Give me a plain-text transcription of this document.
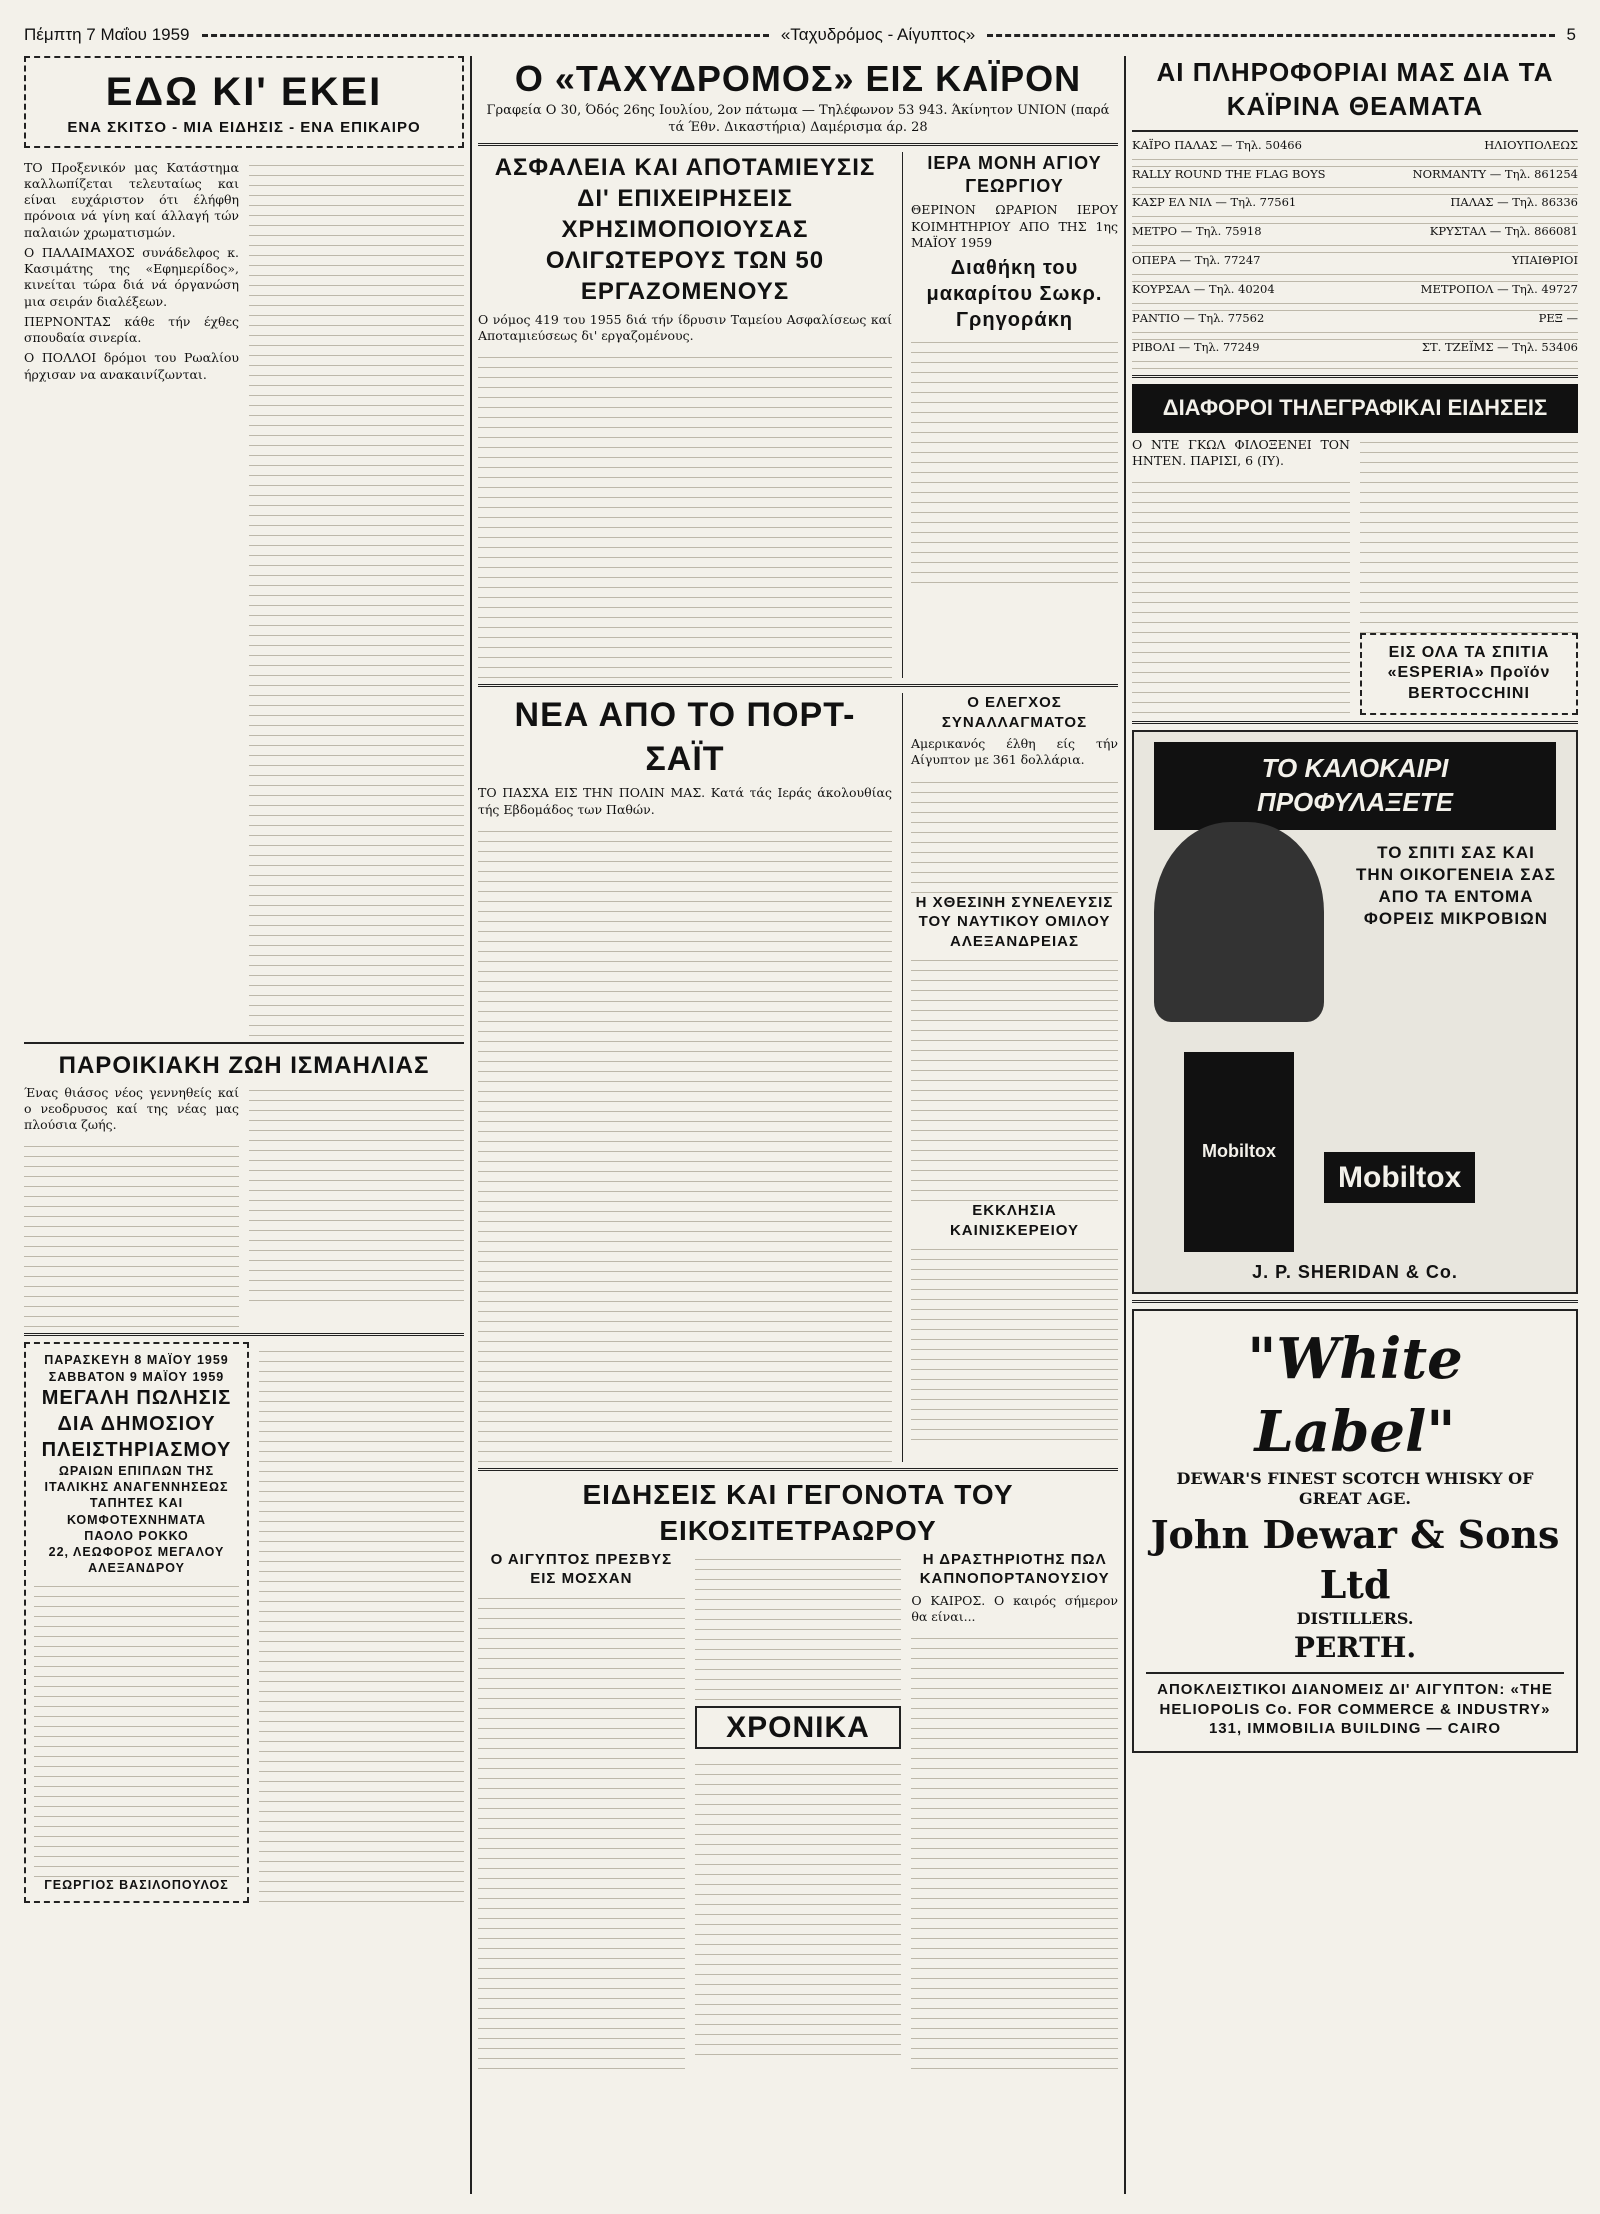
Πέμπτη 7 Μαΐου 1959	«Ταχυδρόμος - Αίγυπτος»	5
ΕΔΩ ΚΙ' ΕΚΕΙ
ΕΝΑ ΣΚΙΤΣΟ - ΜΙΑ ΕΙΔΗΣΙΣ - ΕΝΑ ΕΠΙΚΑΙΡΟ

ΤΟ Προξενικόν μας Κατάστημα καλλωπίζεται τελευταίως και είναι ευχάριστον ότι έλήφθη πρόνοια νά γίνη καί άλλαγή τών παλαιών χρωματισμών.

Ο ΠΑΛΑΙΜΑΧΟΣ συνάδελφος κ. Κασιμάτης της «Εφημερίδος», κινείται τώρα διά νά όργανώση μια σειράν διαλέξεων.

ΠΕΡΝΟΝΤΑΣ κάθε τήν έχθες σπουδαία σινερία.

Ο ΠΟΛΛΟΙ δρόμοι του Ρωαλίου ήρχισαν να ανακαινίζωνται.

ΠΑΡΟΙΚΙΑΚΗ ΖΩΗ ΙΣΜΑΗΛΙΑΣ

Ένας θιάσος νέος γεννηθείς καί ο νεοδρυσος καί της νέας μας πλούσια ζωής.

ΠΑΡΑΣΚΕΥΗ 8 ΜΑΪΟΥ 1959
ΣΑΒΒΑΤΟΝ 9 ΜΑΪΟΥ 1959
ΜΕΓΑΛΗ ΠΩΛΗΣΙΣ ΔΙΑ ΔΗΜΟΣΙΟΥ ΠΛΕΙΣΤΗΡΙΑΣΜΟΥ
ΩΡΑΙΩΝ ΕΠΙΠΛΩΝ ΤΗΣ ΙΤΑΛΙΚΗΣ ΑΝΑΓΕΝΝΗΣΕΩΣ
ΤΑΠΗΤΕΣ ΚΑΙ ΚΟΜΦΟΤΕΧΝΗΜΑΤΑ
ΠΑΟΛΟ ΡΟΚΚΟ
22, ΛΕΩΦΟΡΟΣ ΜΕΓΑΛΟΥ ΑΛΕΞΑΝΔΡΟΥ
ΓΕΩΡΓΙΟΣ ΒΑΣΙΛΟΠΟΥΛΟΣ
Ο «ΤΑΧΥΔΡΟΜΟΣ» ΕΙΣ ΚΑΪΡΟΝ
Γραφεία Ο 30, Όδός 26ης Ιουλίου, 2ον πάτωμα — Τηλέφωνον 53 943. Άκίνητον UNION (παρά τά Έθν. Δικαστήρια) Δαμέρισμα άρ. 28
ΑΣΦΑΛΕΙΑ ΚΑΙ ΑΠΟΤΑΜΙΕΥΣΙΣ ΔΙ' ΕΠΙΧΕΙΡΗΣΕΙΣ ΧΡΗΣΙΜΟΠΟΙΟΥΣΑΣ ΟΛΙΓΩΤΕΡΟΥΣ ΤΩΝ 50 ΕΡΓΑΖΟΜΕΝΟΥΣ

Ο νόμος 419 του 1955 διά τήν ίδρυσιν Ταμείου Ασφαλίσεως καί Αποταμιεύσεως δι' εργαζομένους.

ΙΕΡΑ ΜΟΝΗ ΑΓΙΟΥ ΓΕΩΡΓΙΟΥ

ΘΕΡΙΝΟΝ ΩΡΑΡΙΟΝ ΙΕΡΟΥ ΚΟΙΜΗΤΗΡΙΟΥ ΑΠΟ ΤΗΣ 1ης ΜΑΪΟΥ 1959

Διαθήκη του μακαρίτου Σωκρ. Γρηγοράκη
ΝΕΑ ΑΠΟ ΤΟ ΠΟΡΤ-ΣΑΪΤ

ΤΟ ΠΑΣΧΑ ΕΙΣ ΤΗΝ ΠΟΛΙΝ ΜΑΣ. Κατά τάς Ιεράς άκολουθίας τής Εβδομάδος των Παθών.

Ο ΕΛΕΓΧΟΣ ΣΥΝΑΛΛΑΓΜΑΤΟΣ

Αμερικανός έλθη είς τήν Αίγυπτον με 361 δολλάρια.

Η ΧΘΕΣΙΝΗ ΣΥΝΕΛΕΥΣΙΣ ΤΟΥ ΝΑΥΤΙΚΟΥ ΟΜΙΛΟΥ ΑΛΕΞΑΝΔΡΕΙΑΣ
ΕΚΚΛΗΣΙΑ ΚΑΙΝΙΣΚΕΡΕΙΟΥ
ΕΙΔΗΣΕΙΣ ΚΑΙ ΓΕΓΟΝΟΤΑ ΤΟΥ ΕΙΚΟΣΙΤΕΤΡΑΩΡΟΥ
Ο ΑΙΓΥΠΤΟΣ ΠΡΕΣΒΥΣ ΕΙΣ ΜΟΣΧΑΝ
ΧΡΟΝΙΚΑ
Η ΔΡΑΣΤΗΡΙΟΤΗΣ ΠΩΛ ΚΑΠΝΟΠΟΡΤΑΝΟΥΣΙΟΥ

Ο ΚΑΙΡΟΣ. Ο καιρός σήμερον θα είναι...

ΑΙ ΠΛΗΡΟΦΟΡΙΑΙ ΜΑΣ ΔΙΑ ΤΑ ΚΑΪΡΙΝΑ ΘΕΑΜΑΤΑ
ΚΑΪΡΟ ΠΑΛΑΣ — Τηλ. 50466	ΗΛΙΟΥΠΟΛΕΩΣ
RALLY ROUND THE FLAG BOYS	NORMANTY — Τηλ. 861254
ΚΑΣΡ ΕΛ ΝΙΛ — Τηλ. 77561	ΠΑΛΑΣ — Τηλ. 86336
ΜΕΤΡΟ — Τηλ. 75918	ΚΡΥΣΤΑΛ — Τηλ. 866081
ΟΠΕΡΑ — Τηλ. 77247	ΥΠΑΙΘΡΙΟΙ
ΚΟΥΡΣΑΛ — Τηλ. 40204	ΜΕΤΡΟΠΟΛ — Τηλ. 49727
ΡΑΝΤΙΟ — Τηλ. 77562	ΡΕΞ —
ΡΙΒΟΛΙ — Τηλ. 77249	ΣΤ. ΤΖΕΪΜΣ — Τηλ. 53406
ΔΙΑΦΟΡΟΙ ΤΗΛΕΓΡΑΦΙΚΑΙ ΕΙΔΗΣΕΙΣ

Ο ΝΤΕ ΓΚΩΛ ΦΙΛΟΞΕΝΕΙ ΤΟΝ ΗΝΤΕΝ. ΠΑΡΙΣΙ, 6 (ΙΥ).

ΕΙΣ ΟΛΑ ΤΑ ΣΠΙΤΙΑ «ESPERIA» Προϊόν BERTOCCHINI
ΤΟ ΚΑΛΟΚΑΙΡΙ ΠΡΟΦΥΛΑΞΕΤΕ
ΤΟ ΣΠΙΤΙ ΣΑΣ ΚΑΙ ΤΗΝ ΟΙΚΟΓΕΝΕΙΑ ΣΑΣ ΑΠΟ ΤΑ ΕΝΤΟΜΑ ΦΟΡΕΙΣ ΜΙΚΡΟΒΙΩΝ
Mobiltox
Mobiltox
J. P. SHERIDAN & Co.
"White Label"
DEWAR'S FINEST SCOTCH WHISKY OF GREAT AGE.
John Dewar & Sons Ltd
DISTILLERS.
PERTH.
ΑΠΟΚΛΕΙΣΤΙΚΟΙ ΔΙΑΝΟΜΕΙΣ ΔΙ' ΑΙΓΥΠΤΟΝ: «THE HELIOPOLIS Co. FOR COMMERCE & INDUSTRY»
131, IMMOBILIA BUILDING — CAIRO
